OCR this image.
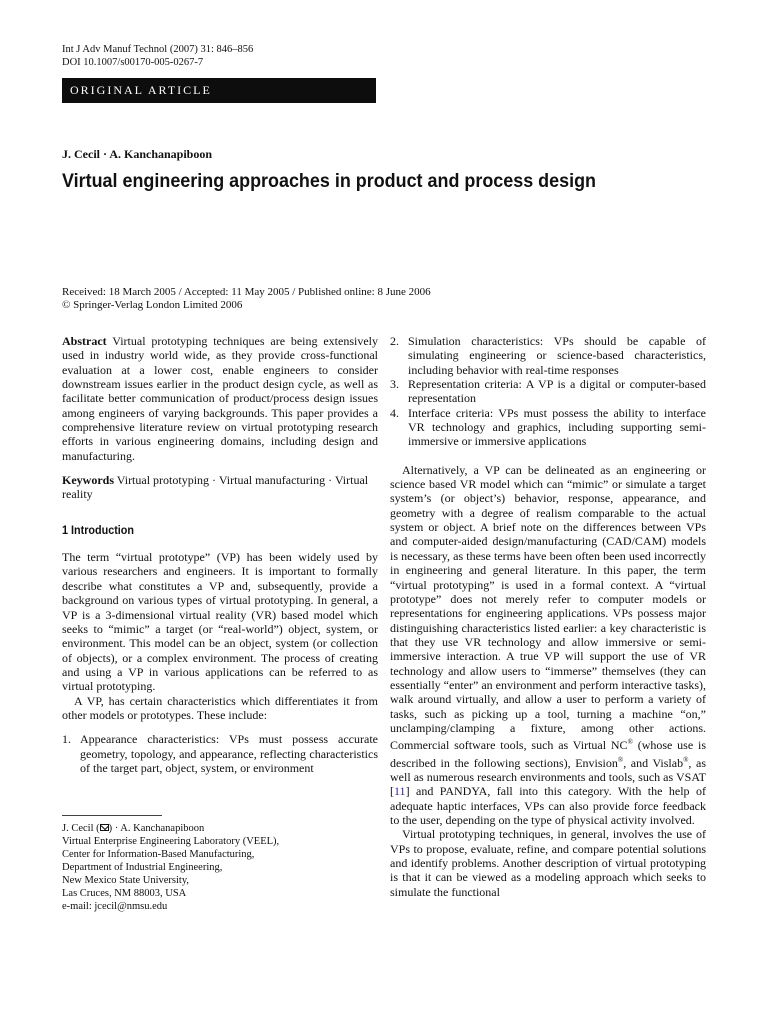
Int J Adv Manuf Technol (2007) 31: 846–856
DOI 10.1007/s00170-005-0267-7
ORIGINAL ARTICLE
J. Cecil · A. Kanchanapiboon
Virtual engineering approaches in product and process design
Received: 18 March 2005 / Accepted: 11 May 2005 / Published online: 8 June 2006
© Springer-Verlag London Limited 2006

Abstract Virtual prototyping techniques are being extensively used in industry world wide, as they provide cross-functional evaluation at a lower cost, enable engineers to consider downstream issues earlier in the product design cycle, as well as facilitate better communication of product/process design issues among engineers of varying backgrounds. This paper provides a comprehensive literature review on virtual prototyping research efforts in various engineering domains, including design and manufacturing.

Keywords Virtual prototyping · Virtual manufacturing · Virtual reality

1 Introduction

The term “virtual prototype” (VP) has been widely used by various researchers and engineers. It is important to formally describe what constitutes a VP and, subsequently, provide a background on various types of virtual prototyping. In general, a VP is a 3-dimensional virtual reality (VR) based model which seeks to “mimic” a target (or “real-world”) object, system, or environment. This model can be an object, system (or collection of objects), or a complex environment. The process of creating and using a VP in various applications can be referred to as virtual prototyping.

A VP, has certain characteristics which differentiates it from other models or prototypes. These include:

1. Appearance characteristics: VPs must possess accurate geometry, topology, and appearance, reflecting characteristics of the target part, object, system, or environment
J. Cecil ( ) · A. Kanchanapiboon
Virtual Enterprise Engineering Laboratory (VEEL),
Center for Information-Based Manufacturing,
Department of Industrial Engineering,
New Mexico State University,
Las Cruces, NM 88003, USA
e-mail: jcecil@nmsu.edu
2. Simulation characteristics: VPs should be capable of simulating engineering or science-based characteristics, including behavior with real-time responses
3. Representation criteria: A VP is a digital or computer-based representation
4. Interface criteria: VPs must possess the ability to interface VR technology and graphics, including supporting semi-immersive or immersive applications

Alternatively, a VP can be delineated as an engineering or science based VR model which can “mimic” or simulate a target system’s (or object’s) behavior, response, appearance, and geometry with a degree of realism comparable to the actual system or object. A brief note on the differences between VPs and computer-aided design/manufacturing (CAD/CAM) models is necessary, as these terms have been often been used incorrectly in engineering and general literature. In this paper, the term “virtual prototyping” is used in a formal context. A “virtual prototype” does not merely refer to computer models or representations for engineering applications. VPs possess major distinguishing characteristics listed earlier: a key characteristic is that they use VR technology and allow immersive or semi-immersive interaction. A true VP will support the use of VR technology and allow users to “immerse” themselves (they can essentially “enter” an environment and perform interactive tasks), walk around virtually, and allow a user to perform a variety of tasks, such as picking up a tool, turning a machine “on,” unclamping/clamping a fixture, among other actions. Commercial software tools, such as Virtual NC® (whose use is described in the following sections), Envision®, and Vislab®, as well as numerous research environments and tools, such as VSAT [11] and PANDYA, fall into this category. With the help of adequate haptic interfaces, VPs can also provide force feedback to the user, depending on the type of physical activity involved.

Virtual prototyping techniques, in general, involves the use of VPs to propose, evaluate, refine, and compare potential solutions and identify problems. Another description of virtual prototyping is that it can be viewed as a modeling approach which seeks to simulate the functional
